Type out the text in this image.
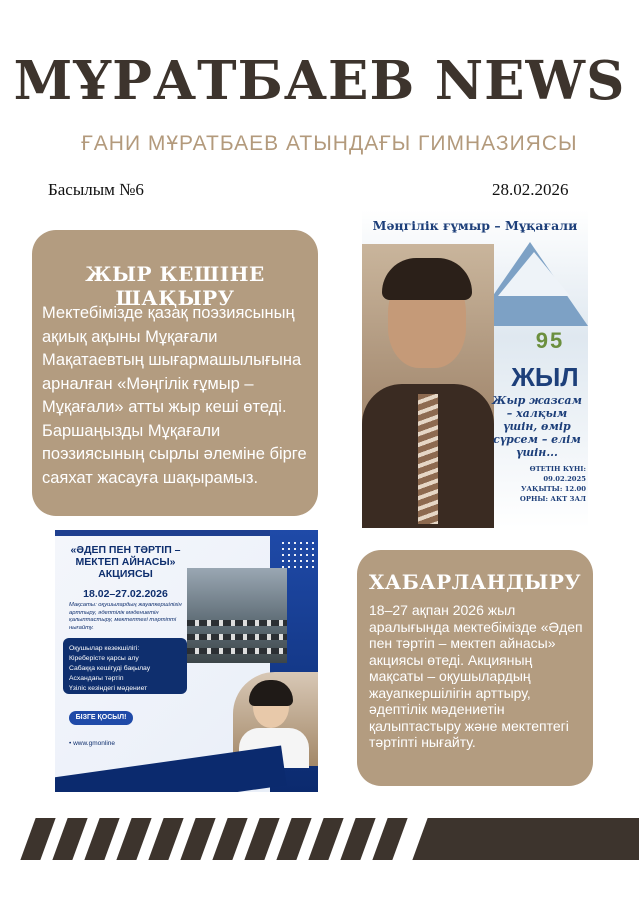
МҰРАТБАЕВ NEWS
ҒАНИ МҰРАТБАЕВ АТЫНДАҒЫ ГИМНАЗИЯСЫ
Басылым №6	28.02.2026
ЖЫР КЕШІНЕ ШАҚЫРУ
Мектебімізде қазақ поэзиясының ақиық ақыны Мұқағали Мақатаевтың шығармашылығына арналған «Мәңгілік ғұмыр – Мұқағали» атты жыр кеші өтеді. Баршаңызды Мұқағали поэзиясының сырлы әлеміне бірге саяхат жасауға шақырамыз.
Мәңгілік ғұмыр – Мұқағали
95
ЖЫЛ
Жыр жазсам – халқым үшін, өмір сүрсем – елім үшін...
ӨТЕТІН КҮНІ: 09.02.2025
УАҚЫТЫ: 12.00
ОРНЫ: АКТ ЗАЛ
«ӘДЕП ПЕН ТӘРТІП – МЕКТЕП АЙНАСЫ» АКЦИЯСЫ
18.02–27.02.2026
Мақсаты: оқушылардың жауапкершілігін арттыру, әдептілік мәдениетін қалыптастыру, мектептегі тәртіпті нығайту.
Оқушылар кезекшілігі:
Кіреберісте қарсы алу
Сабаққа кешігуді бақылау
Асхандағы тәртіп
Үзіліс кезіндегі мәдениет
БІЗГЕ ҚОСЫЛ!
• www.gmonline
ХАБАРЛАНДЫРУ
18–27 ақпан 2026 жыл аралығында мектебімізде «Әдеп пен тәртіп – мектеп айнасы» акциясы өтеді. Акцияның мақсаты – оқушылардың жауапкершілігін арттыру, әдептілік мәдениетін қалыптастыру және мектептегі тәртіпті нығайту.
